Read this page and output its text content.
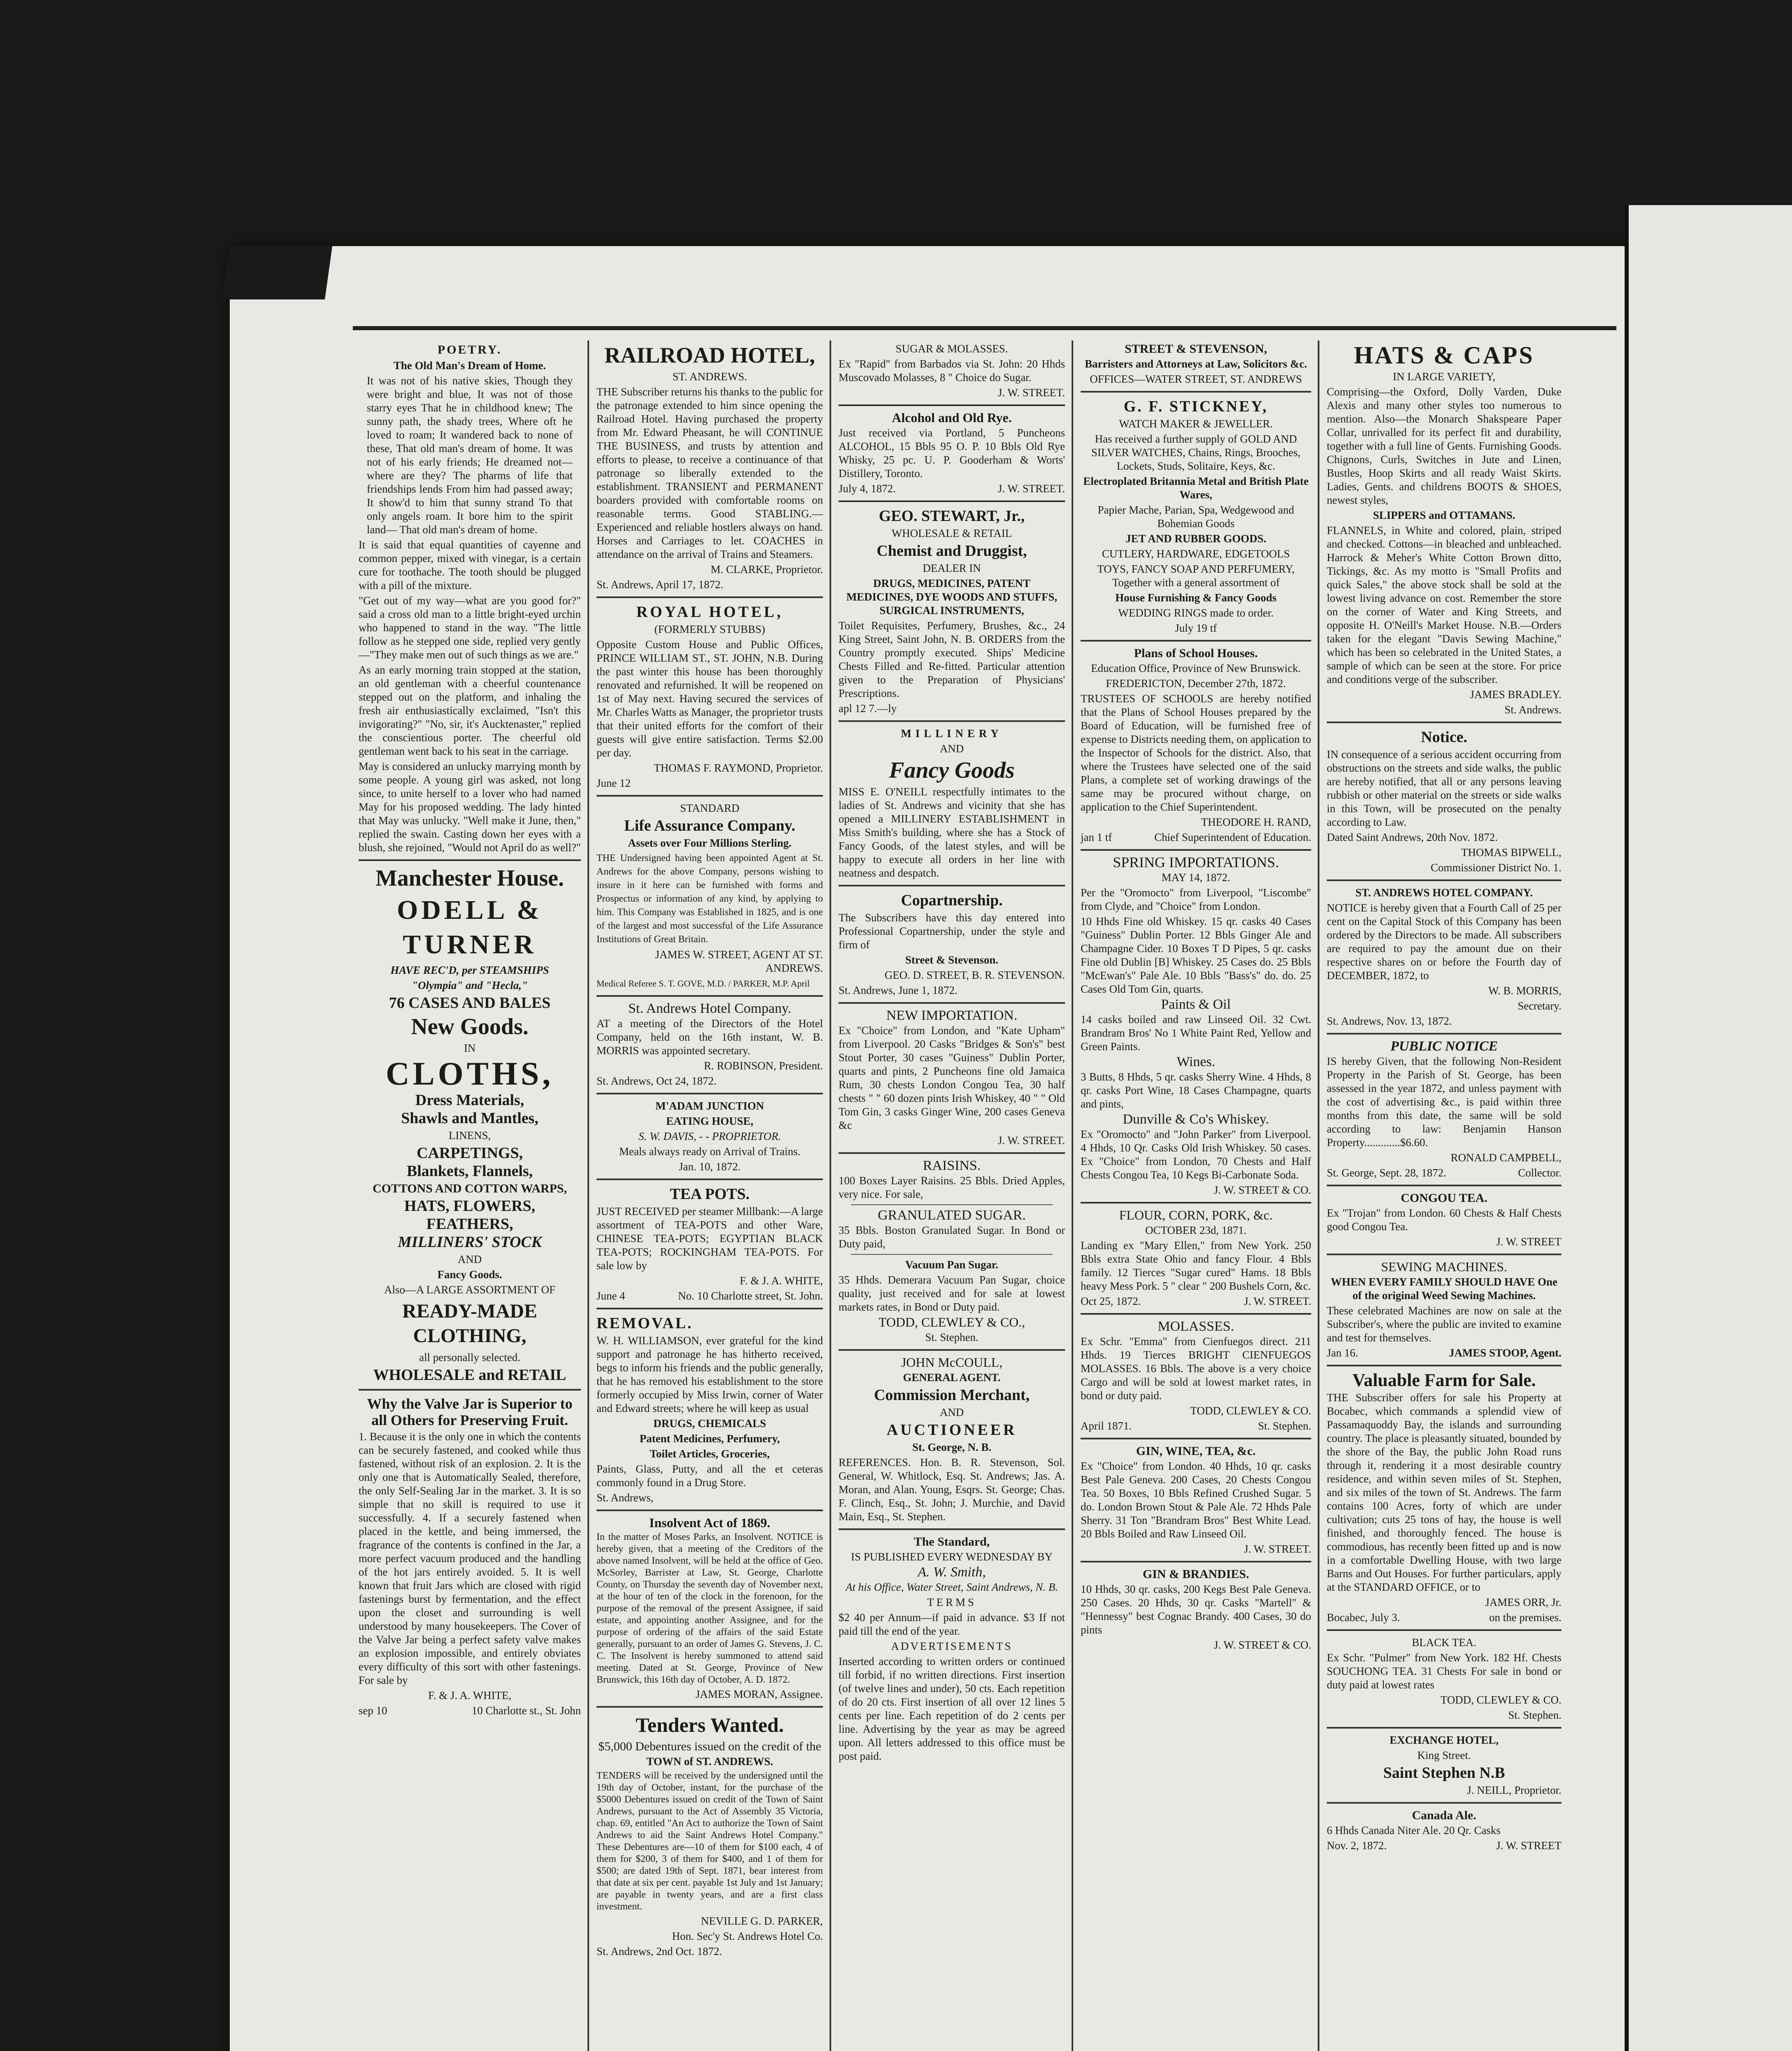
POETRY.

The Old Man's Dream of Home.

It was not of his native skies, Though they were bright and blue, It was not of those starry eyes That he in childhood knew; The sunny path, the shady trees, Where oft he loved to roam; It wandered back to none of these, That old man's dream of home. It was not of his early friends; He dreamed not—where are they? The pharms of life that friendships lends From him had passed away; It show'd to him that sunny strand To that only angels roam. It bore him to the spirit land— That old man's dream of home.

It is said that equal quantities of cayenne and common pepper, mixed with vinegar, is a certain cure for toothache. The tooth should be plugged with a pill of the mixture.

"Get out of my way—what are you good for?" said a cross old man to a little bright-eyed urchin who happened to stand in the way. "The little follow as he stepped one side, replied very gently—"They make men out of such things as we are."

As an early morning train stopped at the station, an old gentleman with a cheerful countenance stepped out on the platform, and inhaling the fresh air enthusiastically exclaimed, "Isn't this invigorating?" "No, sir, it's Aucktenaster," replied the conscientious porter. The cheerful old gentleman went back to his seat in the carriage.

May is considered an unlucky marrying month by some people. A young girl was asked, not long since, to unite herself to a lover who had named May for his proposed wedding. The lady hinted that May was unlucky. "Well make it June, then," replied the swain. Casting down her eyes with a blush, she rejoined, "Would not April do as well?"

Manchester House.
ODELL & TURNER

HAVE REC'D, per STEAMSHIPS

"Olympia" and "Hecla,"

76 CASES AND BALES
New Goods.

IN

CLOTHS,
Dress Materials,
Shawls and Mantles,

LINENS,

CARPETINGS,
Blankets, Flannels,

COTTONS AND COTTON WARPS,

HATS, FLOWERS,
FEATHERS,
MILLINERS' STOCK

AND

Fancy Goods.

Also—A LARGE ASSORTMENT OF

READY-MADE CLOTHING,

all personally selected.

WHOLESALE and RETAIL

Why the Valve Jar is Superior to all Others for Preserving Fruit.

1. Because it is the only one in which the contents can be securely fastened, and cooked while thus fastened, without risk of an explosion. 2. It is the only one that is Automatically Sealed, therefore, the only Self-Sealing Jar in the market. 3. It is so simple that no skill is required to use it successfully. 4. If a securely fastened when placed in the kettle, and being immersed, the fragrance of the contents is confined in the Jar, a more perfect vacuum produced and the handling of the hot jars entirely avoided. 5. It is well known that fruit Jars which are closed with rigid fastenings burst by fermentation, and the effect upon the closet and surrounding is well understood by many housekeepers. The Cover of the Valve Jar being a perfect safety valve makes an explosion impossible, and entirely obviates every difficulty of this sort with other fastenings. For sale by

F. & J. A. WHITE,

sep 10	10 Charlotte st., St. John

RAILROAD HOTEL,

ST. ANDREWS.

THE Subscriber returns his thanks to the public for the patronage extended to him since opening the Railroad Hotel. Having purchased the property from Mr. Edward Pheasant, he will CONTINUE THE BUSINESS, and trusts by attention and efforts to please, to receive a continuance of that patronage so liberally extended to the establishment. TRANSIENT and PERMANENT boarders provided with comfortable rooms on reasonable terms. Good STABLING.—Experienced and reliable hostlers always on hand. Horses and Carriages to let. COACHES in attendance on the arrival of Trains and Steamers.

M. CLARKE, Proprietor.

St. Andrews, April 17, 1872.

ROYAL HOTEL,

(FORMERLY STUBBS)

Opposite Custom House and Public Offices, PRINCE WILLIAM ST., ST. JOHN, N.B. During the past winter this house has been thoroughly renovated and refurnished. It will be reopened on 1st of May next. Having secured the services of Mr. Charles Watts as Manager, the proprietor trusts that their united efforts for the comfort of their guests will give entire satisfaction. Terms $2.00 per day.

THOMAS F. RAYMOND, Proprietor.

June 12

STANDARD

Life Assurance Company.

Assets over Four Millions Sterling.

THE Undersigned having been appointed Agent at St. Andrews for the above Company, persons wishing to insure in it here can be furnished with forms and Prospectus or information of any kind, by applying to him. This Company was Established in 1825, and is one of the largest and most successful of the Life Assurance Institutions of Great Britain.

JAMES W. STREET, AGENT AT ST. ANDREWS.

Medical Referee S. T. GOVE, M.D. / PARKER, M.P. April

St. Andrews Hotel Company.

AT a meeting of the Directors of the Hotel Company, held on the 16th instant, W. B. MORRIS was appointed secretary.

R. ROBINSON, President.

St. Andrews, Oct 24, 1872.

M'ADAM JUNCTION

EATING HOUSE,

S. W. DAVIS, - - PROPRIETOR.

Meals always ready on Arrival of Trains.

Jan. 10, 1872.

TEA POTS.

JUST RECEIVED per steamer Millbank:—A large assortment of TEA-POTS and other Ware, CHINESE TEA-POTS; EGYPTIAN BLACK TEA-POTS; ROCKINGHAM TEA-POTS. For sale low by

F. & J. A. WHITE,

June 4	No. 10 Charlotte street, St. John.

REMOVAL.

W. H. WILLIAMSON, ever grateful for the kind support and patronage he has hitherto received, begs to inform his friends and the public generally, that he has removed his establishment to the store formerly occupied by Miss Irwin, corner of Water and Edward streets; where he will keep as usual

DRUGS, CHEMICALS

Patent Medicines, Perfumery,

Toilet Articles, Groceries,

Paints, Glass, Putty, and all the et ceteras commonly found in a Drug Store.

St. Andrews,

Insolvent Act of 1869.

In the matter of Moses Parks, an Insolvent. NOTICE is hereby given, that a meeting of the Creditors of the above named Insolvent, will be held at the office of Geo. McSorley, Barrister at Law, St. George, Charlotte County, on Thursday the seventh day of November next, at the hour of ten of the clock in the forenoon, for the purpose of the removal of the present Assignee, if said estate, and appointing another Assignee, and for the purpose of ordering of the affairs of the said Estate generally, pursuant to an order of James G. Stevens, J. C. C. The Insolvent is hereby summoned to attend said meeting. Dated at St. George, Province of New Brunswick, this 16th day of October, A. D. 1872.

JAMES MORAN, Assignee.

Tenders Wanted.

$5,000 Debentures issued on the credit of the

TOWN of ST. ANDREWS.

TENDERS will be received by the undersigned until the 19th day of October, instant, for the purchase of the $5000 Debentures issued on credit of the Town of Saint Andrews, pursuant to the Act of Assembly 35 Victoria, chap. 69, entitled "An Act to authorize the Town of Saint Andrews to aid the Saint Andrews Hotel Company." These Debentures are—10 of them for $100 each, 4 of them for $200, 3 of them for $400, and 1 of them for $500; are dated 19th of Sept. 1871, bear interest from that date at six per cent. payable 1st July and 1st January; are payable in twenty years, and are a first class investment.

NEVILLE G. D. PARKER,

Hon. Sec'y St. Andrews Hotel Co.

St. Andrews, 2nd Oct. 1872.

SUGAR & MOLASSES.

Ex "Rapid" from Barbados via St. John: 20 Hhds Muscovado Molasses, 8 " Choice do Sugar.

J. W. STREET.

Alcohol and Old Rye.

Just received via Portland, 5 Puncheons ALCOHOL, 15 Bbls 95 O. P. 10 Bbls Old Rye Whisky, 25 pc. U. P. Gooderham & Worts' Distillery, Toronto.

July 4, 1872.	J. W. STREET.

GEO. STEWART, Jr.,

WHOLESALE & RETAIL

Chemist and Druggist,

DEALER IN

DRUGS, MEDICINES, PATENT MEDICINES, DYE WOODS AND STUFFS, SURGICAL INSTRUMENTS,

Toilet Requisites, Perfumery, Brushes, &c., 24 King Street, Saint John, N. B. ORDERS from the Country promptly executed. Ships' Medicine Chests Filled and Re-fitted. Particular attention given to the Preparation of Physicians' Prescriptions.

apl 12 7.—ly

MILLINERY

AND

Fancy Goods

MISS E. O'NEILL respectfully intimates to the ladies of St. Andrews and vicinity that she has opened a MILLINERY ESTABLISHMENT in Miss Smith's building, where she has a Stock of Fancy Goods, of the latest styles, and will be happy to execute all orders in her line with neatness and despatch.

Copartnership.

The Subscribers have this day entered into Professional Copartnership, under the style and firm of

Street & Stevenson.

GEO. D. STREET, B. R. STEVENSON.

St. Andrews, June 1, 1872.

NEW IMPORTATION.

Ex "Choice" from London, and "Kate Upham" from Liverpool. 20 Casks "Bridges & Son's" best Stout Porter, 30 cases "Guiness" Dublin Porter, quarts and pints, 2 Puncheons fine old Jamaica Rum, 30 chests London Congou Tea, 30 half chests " " 60 dozen pints Irish Whiskey, 40 " " Old Tom Gin, 3 casks Ginger Wine, 200 cases Geneva &c

J. W. STREET.

RAISINS.

100 Boxes Layer Raisins. 25 Bbls. Dried Apples, very nice. For sale,

GRANULATED SUGAR.

35 Bbls. Boston Granulated Sugar. In Bond or Duty paid,

Vacuum Pan Sugar.

35 Hhds. Demerara Vacuum Pan Sugar, choice quality, just received and for sale at lowest markets rates, in Bond or Duty paid.

TODD, CLEWLEY & CO.,

St. Stephen.

JOHN McCOULL,

GENERAL AGENT.

Commission Merchant,

AND

AUCTIONEER

St. George, N. B.

REFERENCES. Hon. B. R. Stevenson, Sol. General, W. Whitlock, Esq. St. Andrews; Jas. A. Moran, and Alan. Young, Esqrs. St. George; Chas. F. Clinch, Esq., St. John; J. Murchie, and David Main, Esq., St. Stephen.

The Standard,

IS PUBLISHED EVERY WEDNESDAY BY

A. W. Smith,

At his Office, Water Street, Saint Andrews, N. B.

TERMS

$2 40 per Annum—if paid in advance. $3 If not paid till the end of the year.

ADVERTISEMENTS

Inserted according to written orders or continued till forbid, if no written directions. First insertion (of twelve lines and under), 50 cts. Each repetition of do 20 cts. First insertion of all over 12 lines 5 cents per line. Each repetition of do 2 cents per line. Advertising by the year as may be agreed upon. All letters addressed to this office must be post paid.

STREET & STEVENSON,

Barristers and Attorneys at Law, Solicitors &c.

OFFICES—WATER STREET, ST. ANDREWS

G. F. STICKNEY,

WATCH MAKER & JEWELLER.

Has received a further supply of GOLD AND SILVER WATCHES, Chains, Rings, Brooches, Lockets, Studs, Solitaire, Keys, &c.

Electroplated Britannia Metal and British Plate Wares,

Papier Mache, Parian, Spa, Wedgewood and Bohemian Goods

JET AND RUBBER GOODS.

CUTLERY, HARDWARE, EDGETOOLS

TOYS, FANCY SOAP AND PERFUMERY, Together with a general assortment of

House Furnishing & Fancy Goods

WEDDING RINGS made to order.

July 19 tf

Plans of School Houses.

Education Office, Province of New Brunswick.

FREDERICTON, December 27th, 1872.

TRUSTEES OF SCHOOLS are hereby notified that the Plans of School Houses prepared by the Board of Education, will be furnished free of expense to Districts needing them, on application to the Inspector of Schools for the district. Also, that where the Trustees have selected one of the said Plans, a complete set of working drawings of the same may be procured without charge, on application to the Chief Superintendent.

THEODORE H. RAND,

jan 1 tf	Chief Superintendent of Education.

SPRING IMPORTATIONS.

MAY 14, 1872.

Per the "Oromocto" from Liverpool, "Liscombe" from Clyde, and "Choice" from London.

10 Hhds Fine old Whiskey. 15 qr. casks 40 Cases "Guiness" Dublin Porter. 12 Bbls Ginger Ale and Champagne Cider. 10 Boxes T D Pipes, 5 qr. casks Fine old Dublin [B] Whiskey. 25 Cases do. 25 Bbls "McEwan's" Pale Ale. 10 Bbls "Bass's" do. do. 25 Cases Old Tom Gin, quarts.

Paints & Oil

14 casks boiled and raw Linseed Oil. 32 Cwt. Brandram Bros' No 1 White Paint Red, Yellow and Green Paints.

Wines.

3 Butts, 8 Hhds, 5 qr. casks Sherry Wine. 4 Hhds, 8 qr. casks Port Wine, 18 Cases Champagne, quarts and pints,

Dunville & Co's Whiskey.

Ex "Oromocto" and "John Parker" from Liverpool. 4 Hhds, 10 Qr. Casks Old Irish Whiskey. 50 cases. Ex "Choice" from London, 70 Chests and Half Chests Congou Tea, 10 Kegs Bi-Carbonate Soda.

J. W. STREET & CO.

FLOUR, CORN, PORK, &c.

OCTOBER 23d, 1871.

Landing ex "Mary Ellen," from New York. 250 Bbls extra State Ohio and fancy Flour. 4 Bbls family. 12 Tierces "Sugar cured" Hams. 18 Bbls heavy Mess Pork. 5 " clear " 200 Bushels Corn, &c.

Oct 25, 1872.	J. W. STREET.

MOLASSES.

Ex Schr. "Emma" from Cienfuegos direct. 211 Hhds. 19 Tierces BRIGHT CIENFUEGOS MOLASSES. 16 Bbls. The above is a very choice Cargo and will be sold at lowest market rates, in bond or duty paid.

TODD, CLEWLEY & CO.

April 1871.	St. Stephen.

GIN, WINE, TEA, &c.

Ex "Choice" from London. 40 Hhds, 10 qr. casks Best Pale Geneva. 200 Cases, 20 Chests Congou Tea. 50 Boxes, 10 Bbls Refined Crushed Sugar. 5 do. London Brown Stout & Pale Ale. 72 Hhds Pale Sherry. 31 Ton "Brandram Bros" Best White Lead. 20 Bbls Boiled and Raw Linseed Oil.

J. W. STREET.

GIN & BRANDIES.

10 Hhds, 30 qr. casks, 200 Kegs Best Pale Geneva. 250 Cases. 20 Hhds, 30 qr. Casks "Martell" & "Hennessy" best Cognac Brandy. 400 Cases, 30 do pints

J. W. STREET & CO.

HATS & CAPS

IN LARGE VARIETY,

Comprising—the Oxford, Dolly Varden, Duke Alexis and many other styles too numerous to mention. Also—the Monarch Shakspeare Paper Collar, unrivalled for its perfect fit and durability, together with a full line of Gents. Furnishing Goods. Chignons, Curls, Switches in Jute and Linen, Bustles, Hoop Skirts and all ready Waist Skirts. Ladies, Gents. and childrens BOOTS & SHOES, newest styles,

SLIPPERS and OTTAMANS.

FLANNELS, in White and colored, plain, striped and checked. Cottons—in bleached and unbleached. Harrock & Meher's White Cotton Brown ditto, Tickings, &c. As my motto is "Small Profits and quick Sales," the above stock shall be sold at the lowest living advance on cost. Remember the store on the corner of Water and King Streets, and opposite H. O'Neill's Market House. N.B.—Orders taken for the elegant "Davis Sewing Machine," which has been so celebrated in the United States, a sample of which can be seen at the store. For price and conditions verge of the subscriber.

JAMES BRADLEY.

St. Andrews.

Notice.

IN consequence of a serious accident occurring from obstructions on the streets and side walks, the public are hereby notified, that all or any persons leaving rubbish or other material on the streets or side walks in this Town, will be prosecuted on the penalty according to Law.

Dated Saint Andrews, 20th Nov. 1872.

THOMAS BIPWELL,

Commissioner District No. 1.

ST. ANDREWS HOTEL COMPANY.

NOTICE is hereby given that a Fourth Call of 25 per cent on the Capital Stock of this Company has been ordered by the Directors to be made. All subscribers are required to pay the amount due on their respective shares on or before the Fourth day of DECEMBER, 1872, to

W. B. MORRIS,

Secretary.

St. Andrews, Nov. 13, 1872.

PUBLIC NOTICE

IS hereby Given, that the following Non-Resident Property in the Parish of St. George, has been assessed in the year 1872, and unless payment with the cost of advertising &c., is paid within three months from this date, the same will be sold according to law: Benjamin Hanson Property.............$6.60.

RONALD CAMPBELL,

St. George, Sept. 28, 1872.	Collector.

CONGOU TEA.

Ex "Trojan" from London. 60 Chests & Half Chests good Congou Tea.

J. W. STREET

SEWING MACHINES.

WHEN EVERY FAMILY SHOULD HAVE One of the original Weed Sewing Machines.

These celebrated Machines are now on sale at the Subscriber's, where the public are invited to examine and test for themselves.

Jan 16.	JAMES STOOP, Agent.

Valuable Farm for Sale.

THE Subscriber offers for sale his Property at Bocabec, which commands a splendid view of Passamaquoddy Bay, the islands and surrounding country. The place is pleasantly situated, bounded by the shore of the Bay, the public John Road runs through it, rendering it a most desirable country residence, and within seven miles of St. Stephen, and six miles of the town of St. Andrews. The farm contains 100 Acres, forty of which are under cultivation; cuts 25 tons of hay, the house is well finished, and thoroughly fenced. The house is commodious, has recently been fitted up and is now in a comfortable Dwelling House, with two large Barns and Out Houses. For further particulars, apply at the STANDARD OFFICE, or to

JAMES ORR, Jr.

Bocabec, July 3.	on the premises.

BLACK TEA.

Ex Schr. "Pulmer" from New York. 182 Hf. Chests SOUCHONG TEA. 31 Chests For sale in bond or duty paid at lowest rates

TODD, CLEWLEY & CO.

St. Stephen.

EXCHANGE HOTEL,

King Street.

Saint Stephen N.B

J. NEILL, Proprietor.

Canada Ale.

6 Hhds Canada Niter Ale. 20 Qr. Casks

Nov. 2, 1872.	J. W. STREET
